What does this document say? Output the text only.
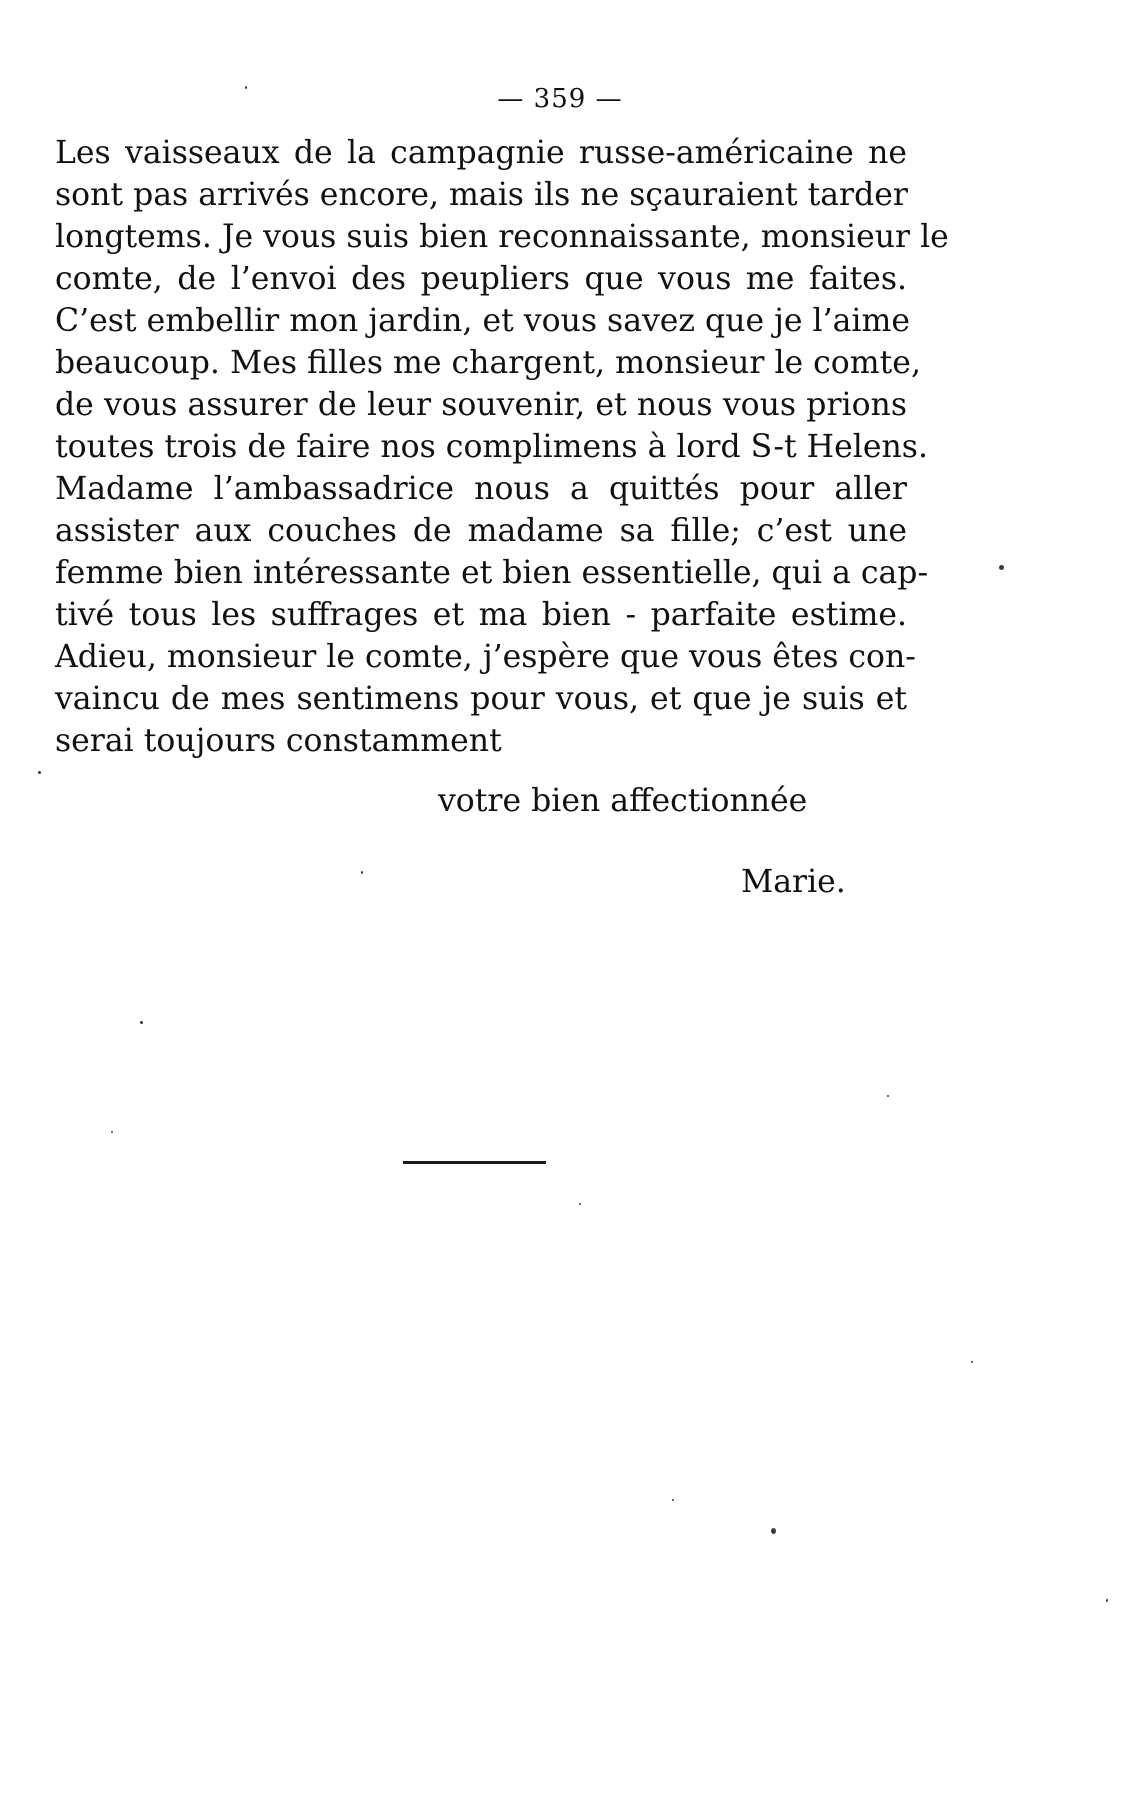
— 359 —
Les vaisseaux de la campagnie russe-américaine ne
sont pas arrivés encore, mais ils ne sçauraient tarder
longtems. Je vous suis bien reconnaissante, monsieur le
comte, de l’envoi des peupliers que vous me faites.
C’est embellir mon jardin, et vous savez que je l’aime
beaucoup. Mes filles me chargent, monsieur le comte,
de vous assurer de leur souvenir, et nous vous prions
toutes trois de faire nos complimens à lord S-t Helens.
Madame l’ambassadrice nous a quittés pour aller
assister aux couches de madame sa fille; c’est une
femme bien intéressante et bien essentielle, qui a cap-
tivé tous les suffrages et ma bien - parfaite estime.
Adieu, monsieur le comte, j’espère que vous êtes con-
vaincu de mes sentimens pour vous, et que je suis et
serai toujours constamment
votre bien affectionnée
Marie.
